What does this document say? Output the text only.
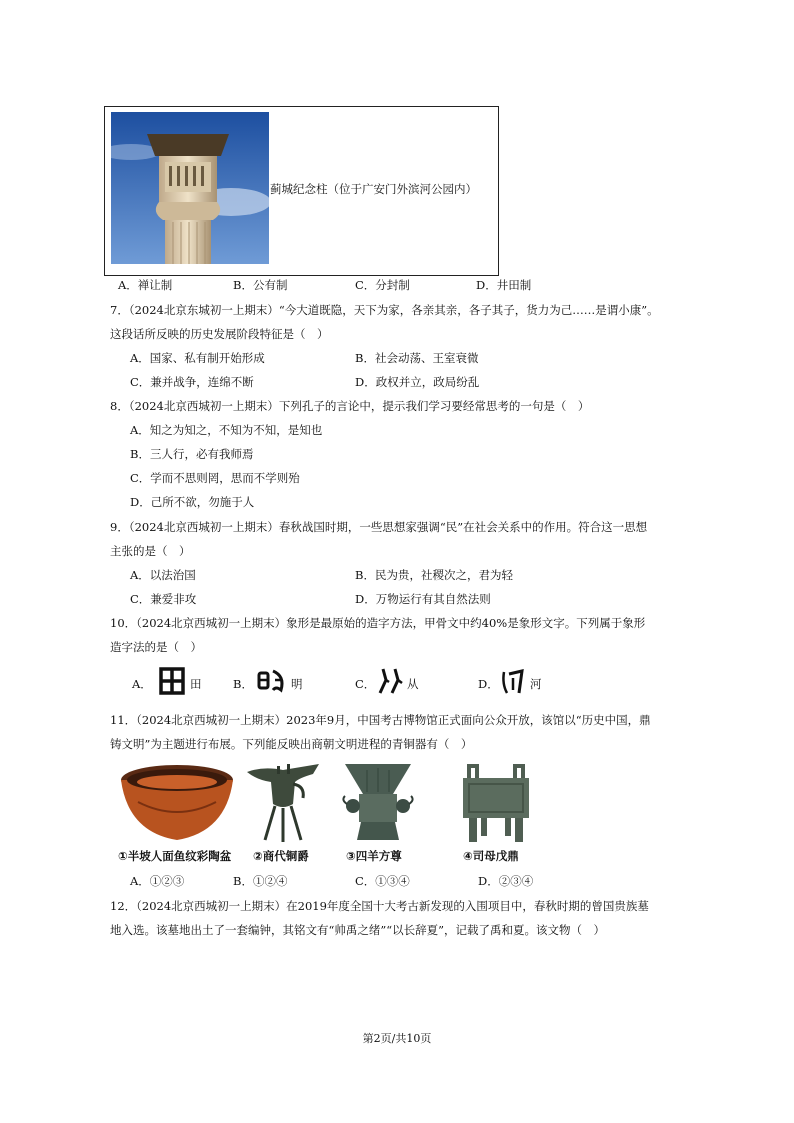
蓟城纪念柱（位于广安门外滨河公园内）
A．禅让制	B．公有制	C．分封制	D．井田制
7．（2024北京东城初一上期末）“今大道既隐，天下为家，各亲其亲，各子其子，货力为己……是谓小康”。
这段话所反映的历史发展阶段特征是（　）
A．国家、私有制开始形成	B．社会动荡、王室衰微
C．兼并战争，连绵不断	D．政权并立，政局纷乱
8．（2024北京西城初一上期末）下列孔子的言论中，提示我们学习要经常思考的一句是（　）
A．知之为知之，不知为不知，是知也
B．三人行，必有我师焉
C．学而不思则罔，思而不学则殆
D．己所不欲，勿施于人
9．（2024北京西城初一上期末）春秋战国时期，一些思想家强调“民”在社会关系中的作用。符合这一思想
主张的是（　）
A．以法治国	B．民为贵，社稷次之，君为轻
C．兼爱非攻	D．万物运行有其自然法则
10．（2024北京西城初一上期末）象形是最原始的造字方法，甲骨文中约40%是象形文字。下列属于象形
造字法的是（　）
A．	田	B．	明	C．	从	D．	河
11．（2024北京西城初一上期末）2023年9月，中国考古博物馆正式面向公众开放，该馆以“历史中国，鼎
铸文明”为主题进行布展。下列能反映出商朝文明进程的青铜器有（　）
①半坡人面鱼纹彩陶盆 ②商代铜爵	③四羊方尊	④司母戊鼎
A．①②③	B．①②④	C．①③④	D．②③④
12．（2024北京西城初一上期末）在2019年度全国十大考古新发现的入围项目中，春秋时期的曾国贵族墓
地入选。该墓地出土了一套编钟，其铭文有“帅禹之绪”“以长辞夏”，记载了禹和夏。该文物（　）
第2页/共10页
